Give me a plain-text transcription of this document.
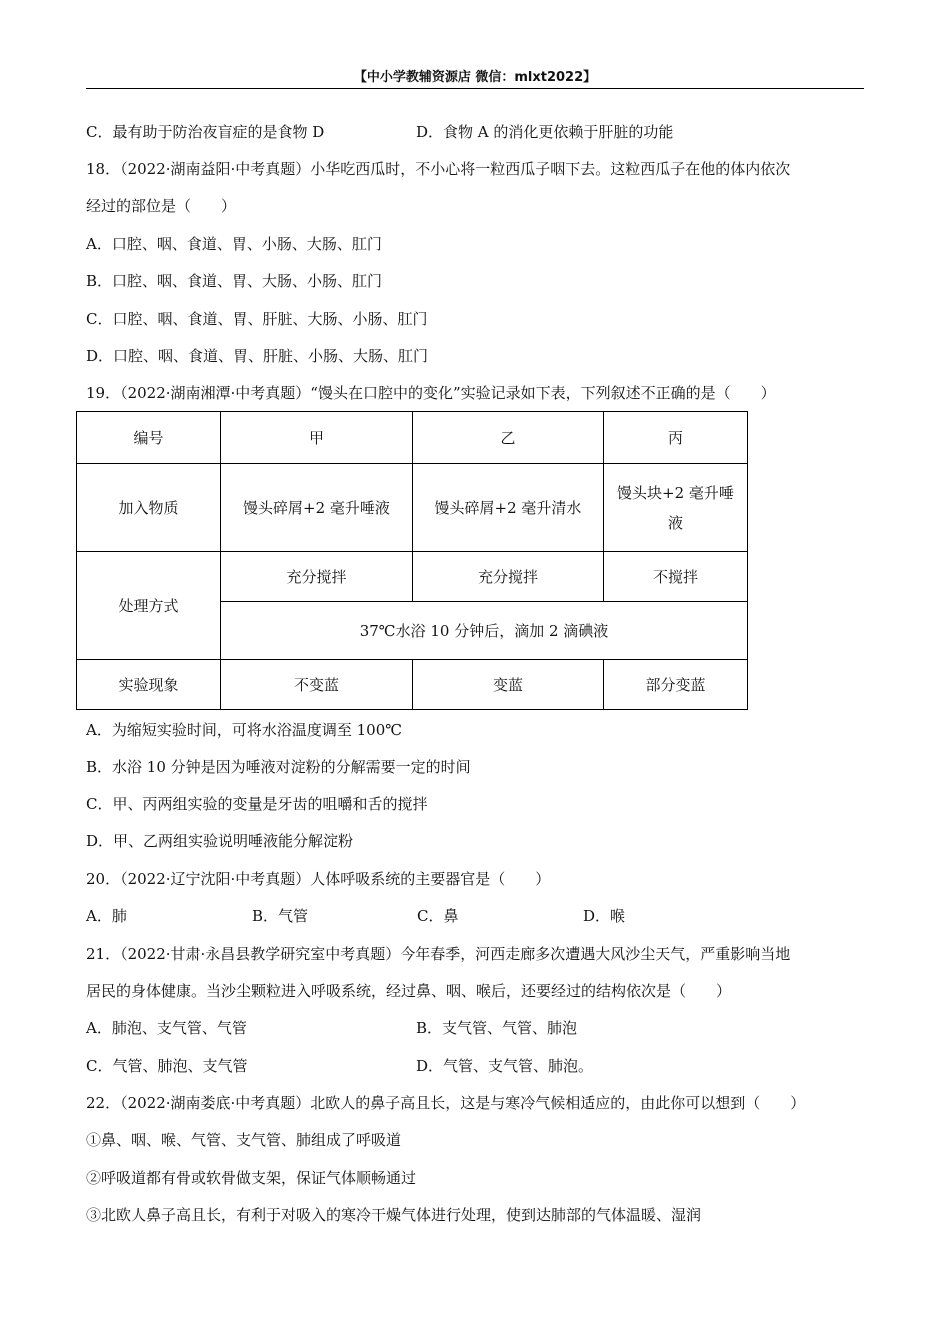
【中小学教辅资源店 微信：mlxt2022】
C．最有助于防治夜盲症的是食物 D	D．食物 A 的消化更依赖于肝脏的功能
18．（2022·湖南益阳·中考真题）小华吃西瓜时，不小心将一粒西瓜子咽下去。这粒西瓜子在他的体内依次
经过的部位是（　　）
A．口腔、咽、食道、胃、小肠、大肠、肛门
B．口腔、咽、食道、胃、大肠、小肠、肛门
C．口腔、咽、食道、胃、肝脏、大肠、小肠、肛门
D．口腔、咽、食道、胃、肝脏、小肠、大肠、肛门
19．（2022·湖南湘潭·中考真题）“馒头在口腔中的变化”实验记录如下表，下列叙述不正确的是（　　）
编号	甲	乙	丙
加入物质	馒头碎屑+2 毫升唾液	馒头碎屑+2 毫升清水	馒头块+2 毫升唾液
处理方式	充分搅拌	充分搅拌	不搅拌
	37℃水浴 10 分钟后，滴加 2 滴碘液		
实验现象	不变蓝	变蓝	部分变蓝
A．为缩短实验时间，可将水浴温度调至 100℃
B．水浴 10 分钟是因为唾液对淀粉的分解需要一定的时间
C．甲、丙两组实验的变量是牙齿的咀嚼和舌的搅拌
D．甲、乙两组实验说明唾液能分解淀粉
20．（2022·辽宁沈阳·中考真题）人体呼吸系统的主要器官是（　　）
A．肺	B．气管	C．鼻	D．喉
21．（2022·甘肃·永昌县教学研究室中考真题）今年春季，河西走廊多次遭遇大风沙尘天气，严重影响当地
居民的身体健康。当沙尘颗粒进入呼吸系统，经过鼻、咽、喉后，还要经过的结构依次是（　　）
A．肺泡、支气管、气管	B．支气管、气管、肺泡
C．气管、肺泡、支气管	D．气管、支气管、肺泡。
22．（2022·湖南娄底·中考真题）北欧人的鼻子高且长，这是与寒冷气候相适应的，由此你可以想到（　　）
①鼻、咽、喉、气管、支气管、肺组成了呼吸道
②呼吸道都有骨或软骨做支架，保证气体顺畅通过
③北欧人鼻子高且长，有利于对吸入的寒冷干燥气体进行处理，使到达肺部的气体温暖、湿润
